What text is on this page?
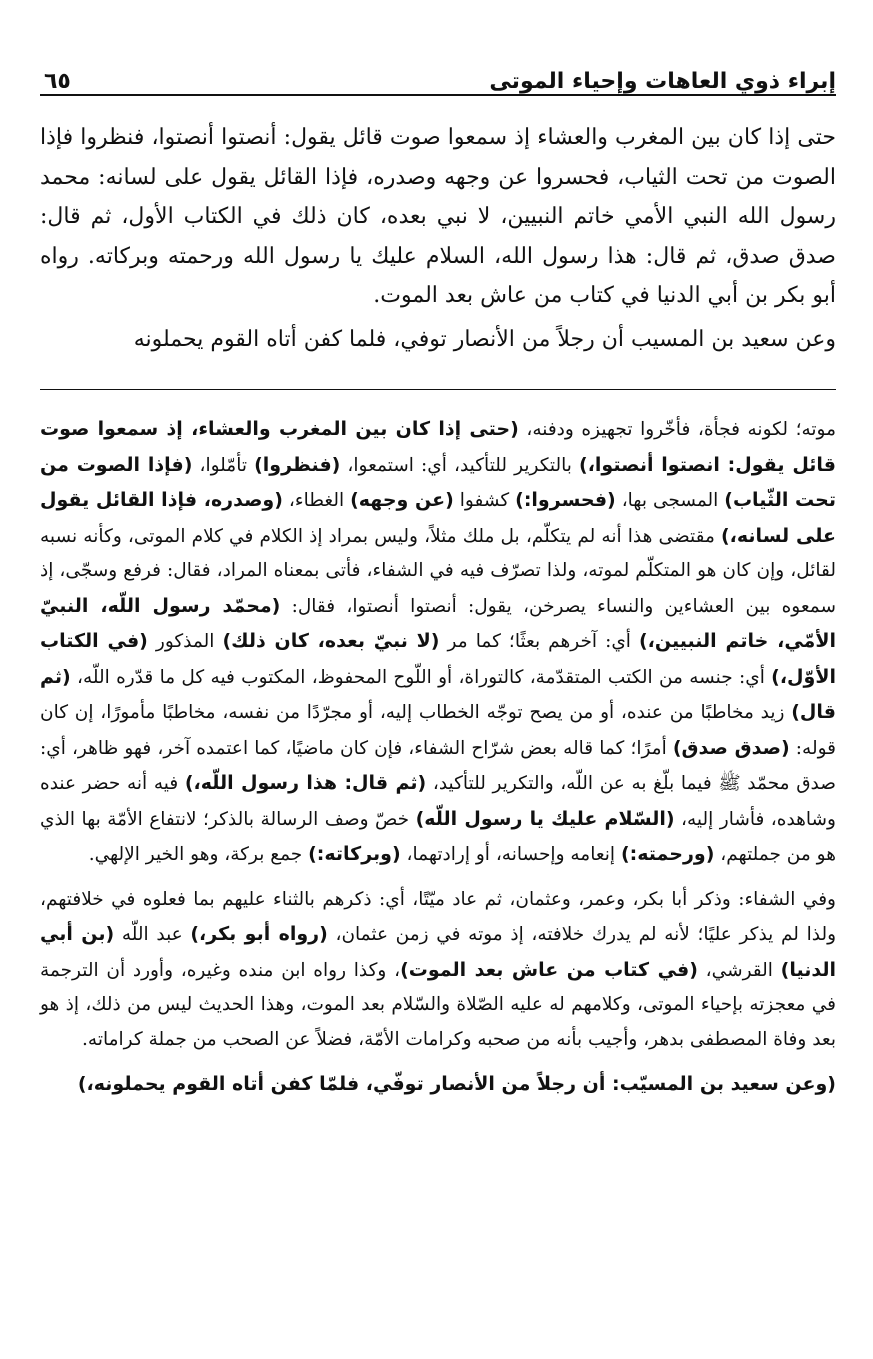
إبراء ذوي العاهات وإحياء الموتى
٦٥

حتى إذا كان بين المغرب والعشاء إذ سمعوا صوت قائل يقول: أنصتوا أنصتوا، فنظروا فإذا الصوت من تحت الثياب، فحسروا عن وجهه وصدره، فإذا القائل يقول على لسانه: محمد رسول الله النبي الأمي خاتم النبيين، لا نبي بعده، كان ذلك في الكتاب الأول، ثم قال: صدق صدق، ثم قال: هذا رسول الله، السلام عليك يا رسول الله ورحمته وبركاته. رواه أبو بكر بن أبي الدنيا في كتاب من عاش بعد الموت.

وعن سعيد بن المسيب أن رجلاً من الأنصار توفي، فلما كفن أتاه القوم يحملونه

موته؛ لكونه فجأة، فأخّروا تجهيزه ودفنه، (حتى إذا كان بين المغرب والعشاء، إذ سمعوا صوت قائل يقول: انصتوا أنصتوا،) بالتكرير للتأكيد، أي: استمعوا، (فنظروا) تأمّلوا، (فإذا الصوت من تحت الثّياب) المسجى بها، (فحسروا:) كشفوا (عن وجهه) الغطاء، (وصدره، فإذا القائل يقول على لسانه،) مقتضى هذا أنه لم يتكلّم، بل ملك مثلاً، وليس بمراد إذ الكلام في كلام الموتى، وكأنه نسبه لقائل، وإن كان هو المتكلّم لموته، ولذا تصرّف فيه في الشفاء، فأتى بمعناه المراد، فقال: فرفع وسجّى، إذ سمعوه بين العشاءين والنساء يصرخن، يقول: أنصتوا أنصتوا، فقال: (محمّد رسول اللّه، النبيّ الأمّي، خاتم النبيين،) أي: آخرهم بعثًا؛ كما مر (لا نبيّ بعده، كان ذلك) المذكور (في الكتاب الأوّل،) أي: جنسه من الكتب المتقدّمة، كالتوراة، أو اللّوح المحفوظ، المكتوب فيه كل ما قدّره اللّه، (ثم قال) زيد مخاطبًا من عنده، أو من يصح توجّه الخطاب إليه، أو مجرّدًا من نفسه، مخاطبًا مأمورًا، إن كان قوله: (صدق صدق) أمرًا؛ كما قاله بعض شرّاح الشفاء، فإن كان ماضيًا، كما اعتمده آخر، فهو ظاهر، أي: صدق محمّد ﷺ فيما بلّغ به عن اللّه، والتكرير للتأكيد، (ثم قال: هذا رسول اللّه،) فيه أنه حضر عنده وشاهده، فأشار إليه، (السّلام عليك يا رسول اللّه) خصّ وصف الرسالة بالذكر؛ لانتفاع الأمّة بها الذي هو من جملتهم، (ورحمته:) إنعامه وإحسانه، أو إرادتهما، (وبركاته:) جمع بركة، وهو الخير الإلهي.

وفي الشفاء: وذكر أبا بكر، وعمر، وعثمان، ثم عاد ميّتًا، أي: ذكرهم بالثناء عليهم بما فعلوه في خلافتهم، ولذا لم يذكر عليًا؛ لأنه لم يدرك خلافته، إذ موته في زمن عثمان، (رواه أبو بكر،) عبد اللّه (بن أبي الدنيا) القرشي، (في كتاب من عاش بعد الموت)، وكذا رواه ابن منده وغيره، وأورد أن الترجمة في معجزته بإحياء الموتى، وكلامهم له عليه الصّلاة والسّلام بعد الموت، وهذا الحديث ليس من ذلك، إذ هو بعد وفاة المصطفى بدهر، وأجيب بأنه من صحبه وكرامات الأمّة، فضلاً عن الصحب من جملة كراماته.

(وعن سعيد بن المسيّب: أن رجلاً من الأنصار توفّي، فلمّا كفن أتاه القوم يحملونه،)
